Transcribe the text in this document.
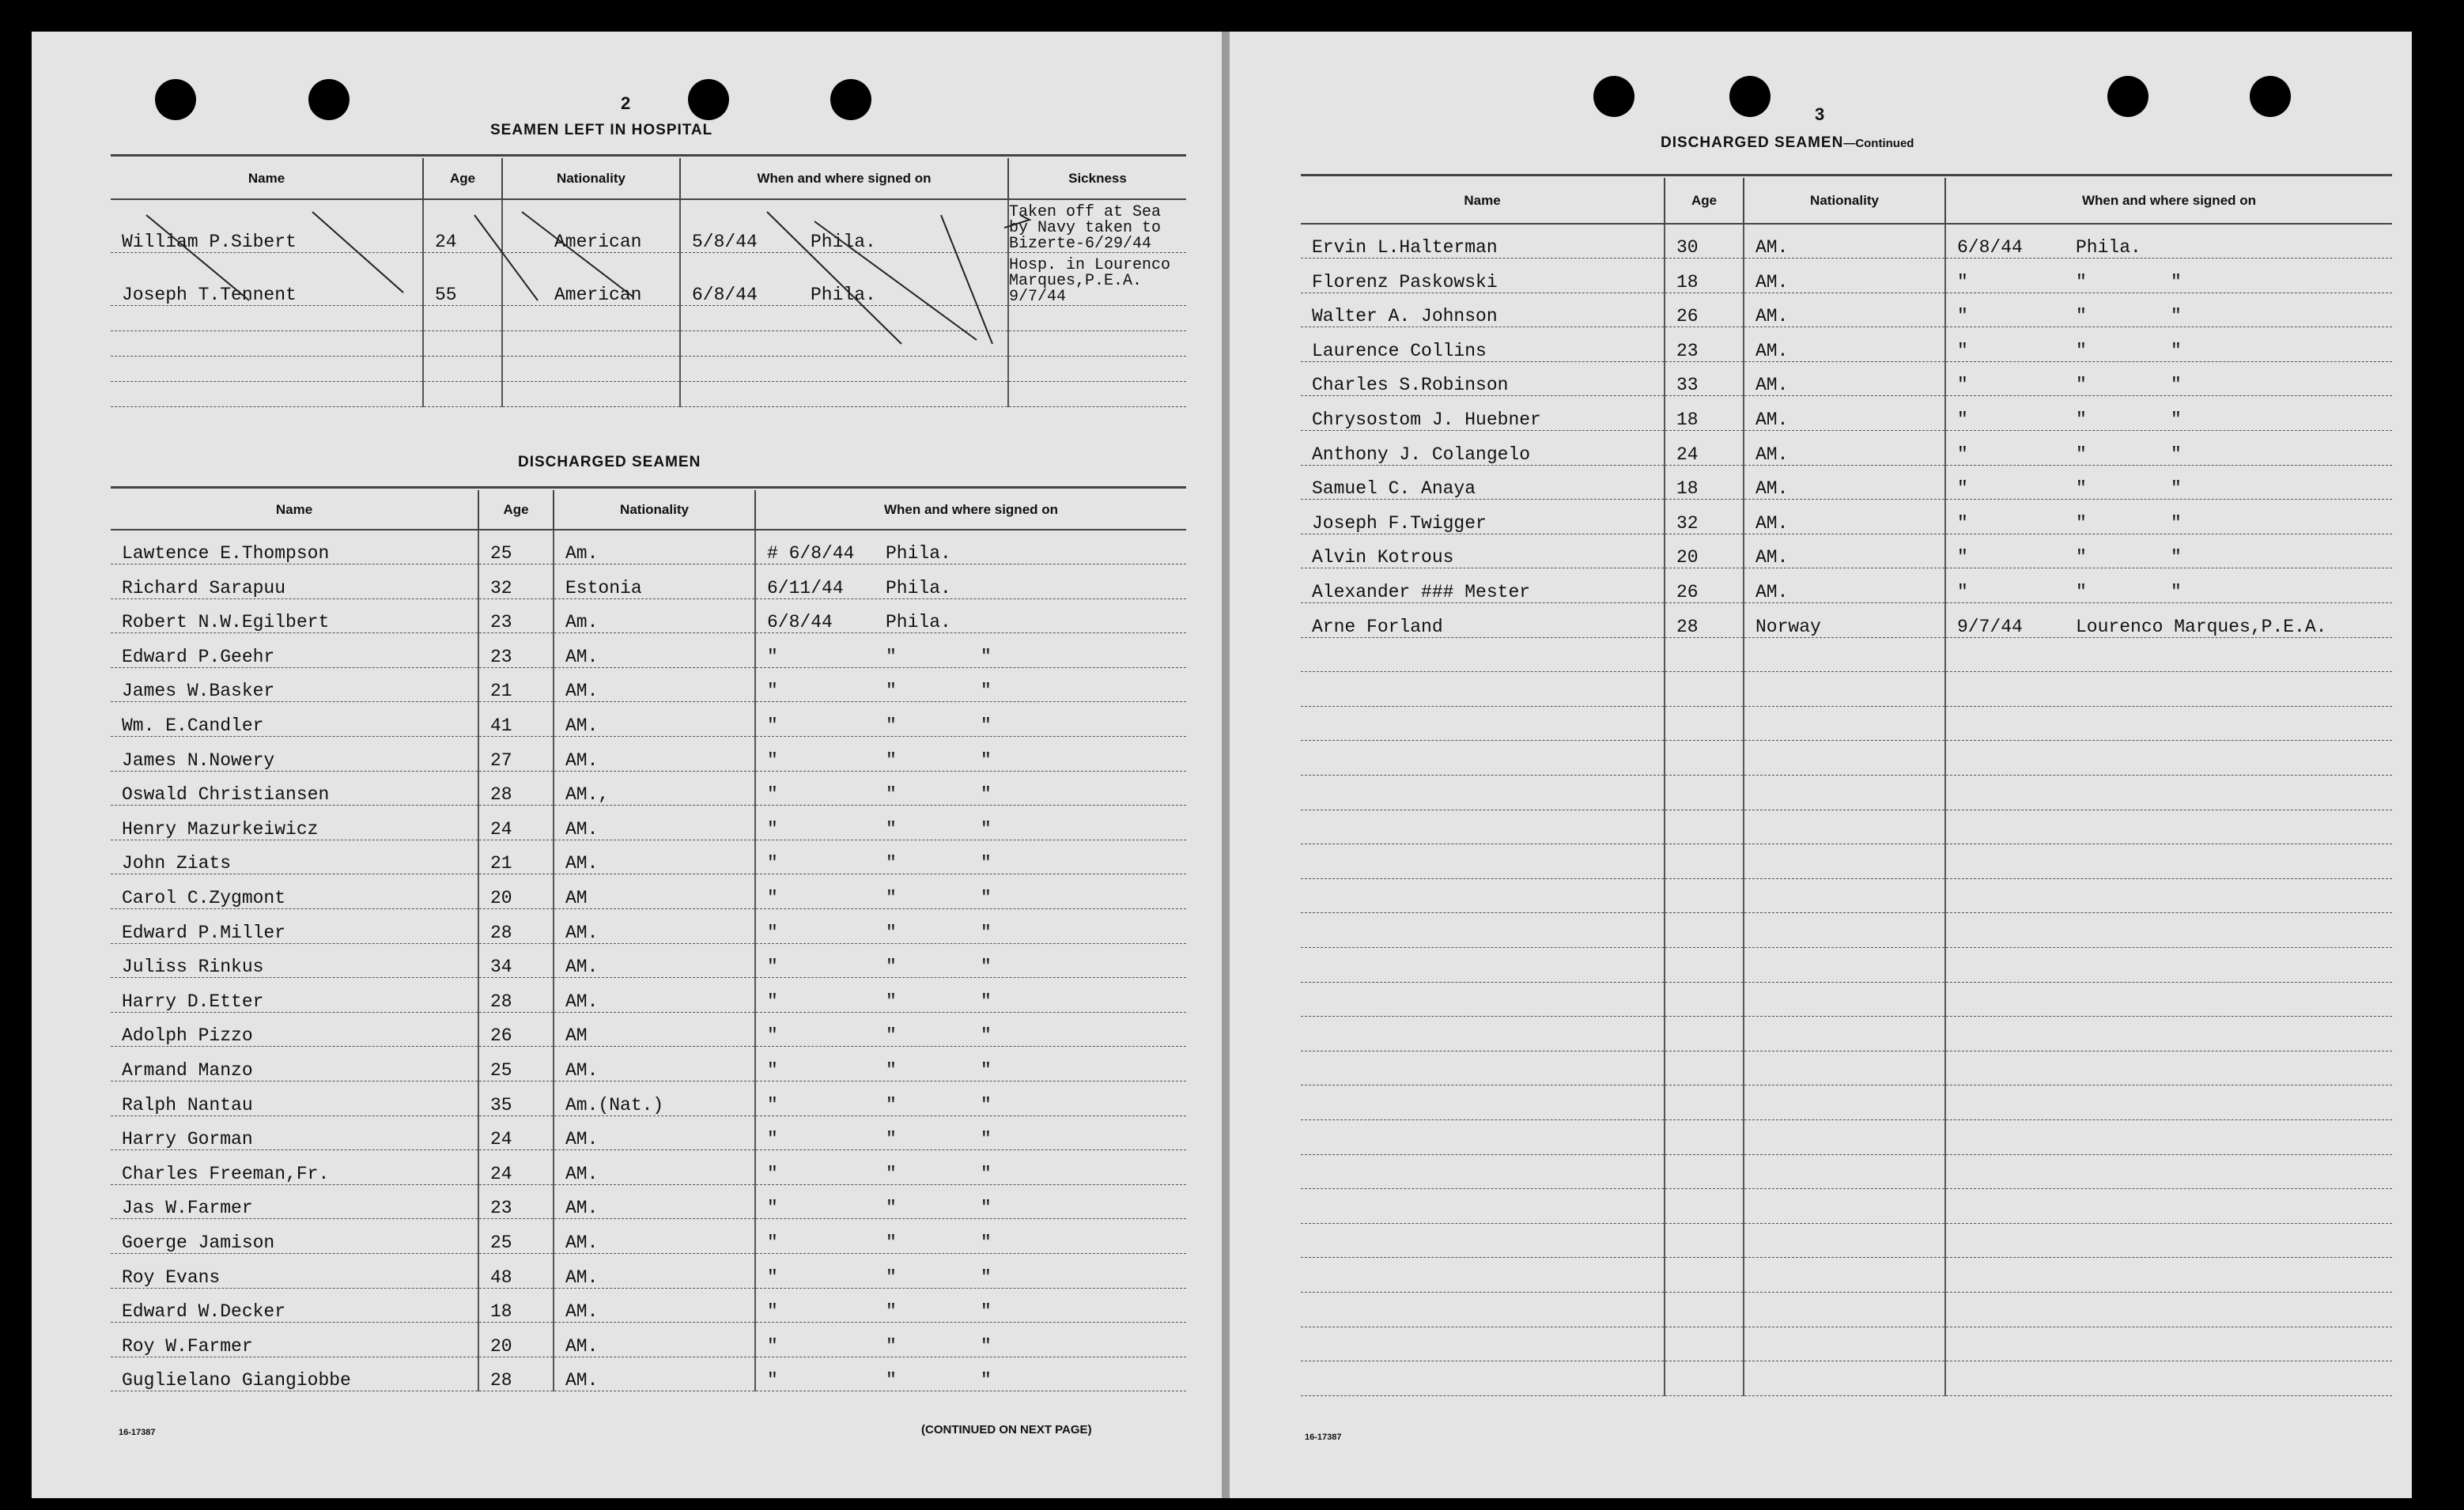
2
SEAMEN LEFT IN HOSPITAL
Name	Age	Nationality	When and where signed on	Sickness
William P.Sibert	24	American	5/8/44 Phila.	Taken off at Sea
by Navy taken to
Bizerte-6/29/44
Joseph T.Tennent	55	American	6/8/44 Phila.	Hosp. in Lourenco
Marques,P.E.A.
9/7/44

DISCHARGED SEAMEN
Name	Age	Nationality	When and where signed on
Lawtence E.Thompson	25	Am.	# 6/8/44 Phila.
Richard Sarapuu	32	Estonia	6/11/44 Phila.
Robert N.W.Egilbert	23	Am.	6/8/44 Phila.
Edward P.Geehr	23	AM.	" " "
James W.Basker	21	AM.	" " "
Wm. E.Candler	41	AM.	" " "
James N.Nowery	27	AM.	" " "
Oswald Christiansen	28	AM.,	" " "
Henry Mazurkeiwicz	24	AM.	" " "
John Ziats	21	AM.	" " "
Carol C.Zygmont	20	AM	" " "
Edward P.Miller	28	AM.	" " "
Juliss Rinkus	34	AM.	" " "
Harry D.Etter	28	AM.	" " "
Adolph Pizzo	26	AM	" " "
Armand Manzo	25	AM.	" " "
Ralph Nantau	35	Am.(Nat.)	" " "
Harry Gorman	24	AM.	" " "
Charles Freeman,Fr.	24	AM.	" " "
Jas W.Farmer	23	AM.	" " "
Goerge Jamison	25	AM.	" " "
Roy Evans	48	AM.	" " "
Edward W.Decker	18	AM.	" " "
Roy W.Farmer	20	AM.	" " "
Guglielano Giangiobbe	28	AM.	" " "
16-17387	(CONTINUED ON NEXT PAGE)
3
DISCHARGED SEAMEN—Continued
Name	Age	Nationality	When and where signed on
Ervin L.Halterman	30	AM.	6/8/44 Phila.
Florenz Paskowski	18	AM.	" " "
Walter A. Johnson	26	AM.	" " "
Laurence Collins	23	AM.	" " "
Charles S.Robinson	33	AM.	" " "
Chrysostom J. Huebner	18	AM.	" " "
Anthony J. Colangelo	24	AM.	" " "
Samuel C. Anaya	18	AM.	" " "
Joseph F.Twigger	32	AM.	" " "
Alvin Kotrous	20	AM.	" " "
Alexander ### Mester	26	AM.	" " "
Arne Forland	28	Norway	9/7/44 Lourenco Marques,P.E.A.

16-17387
